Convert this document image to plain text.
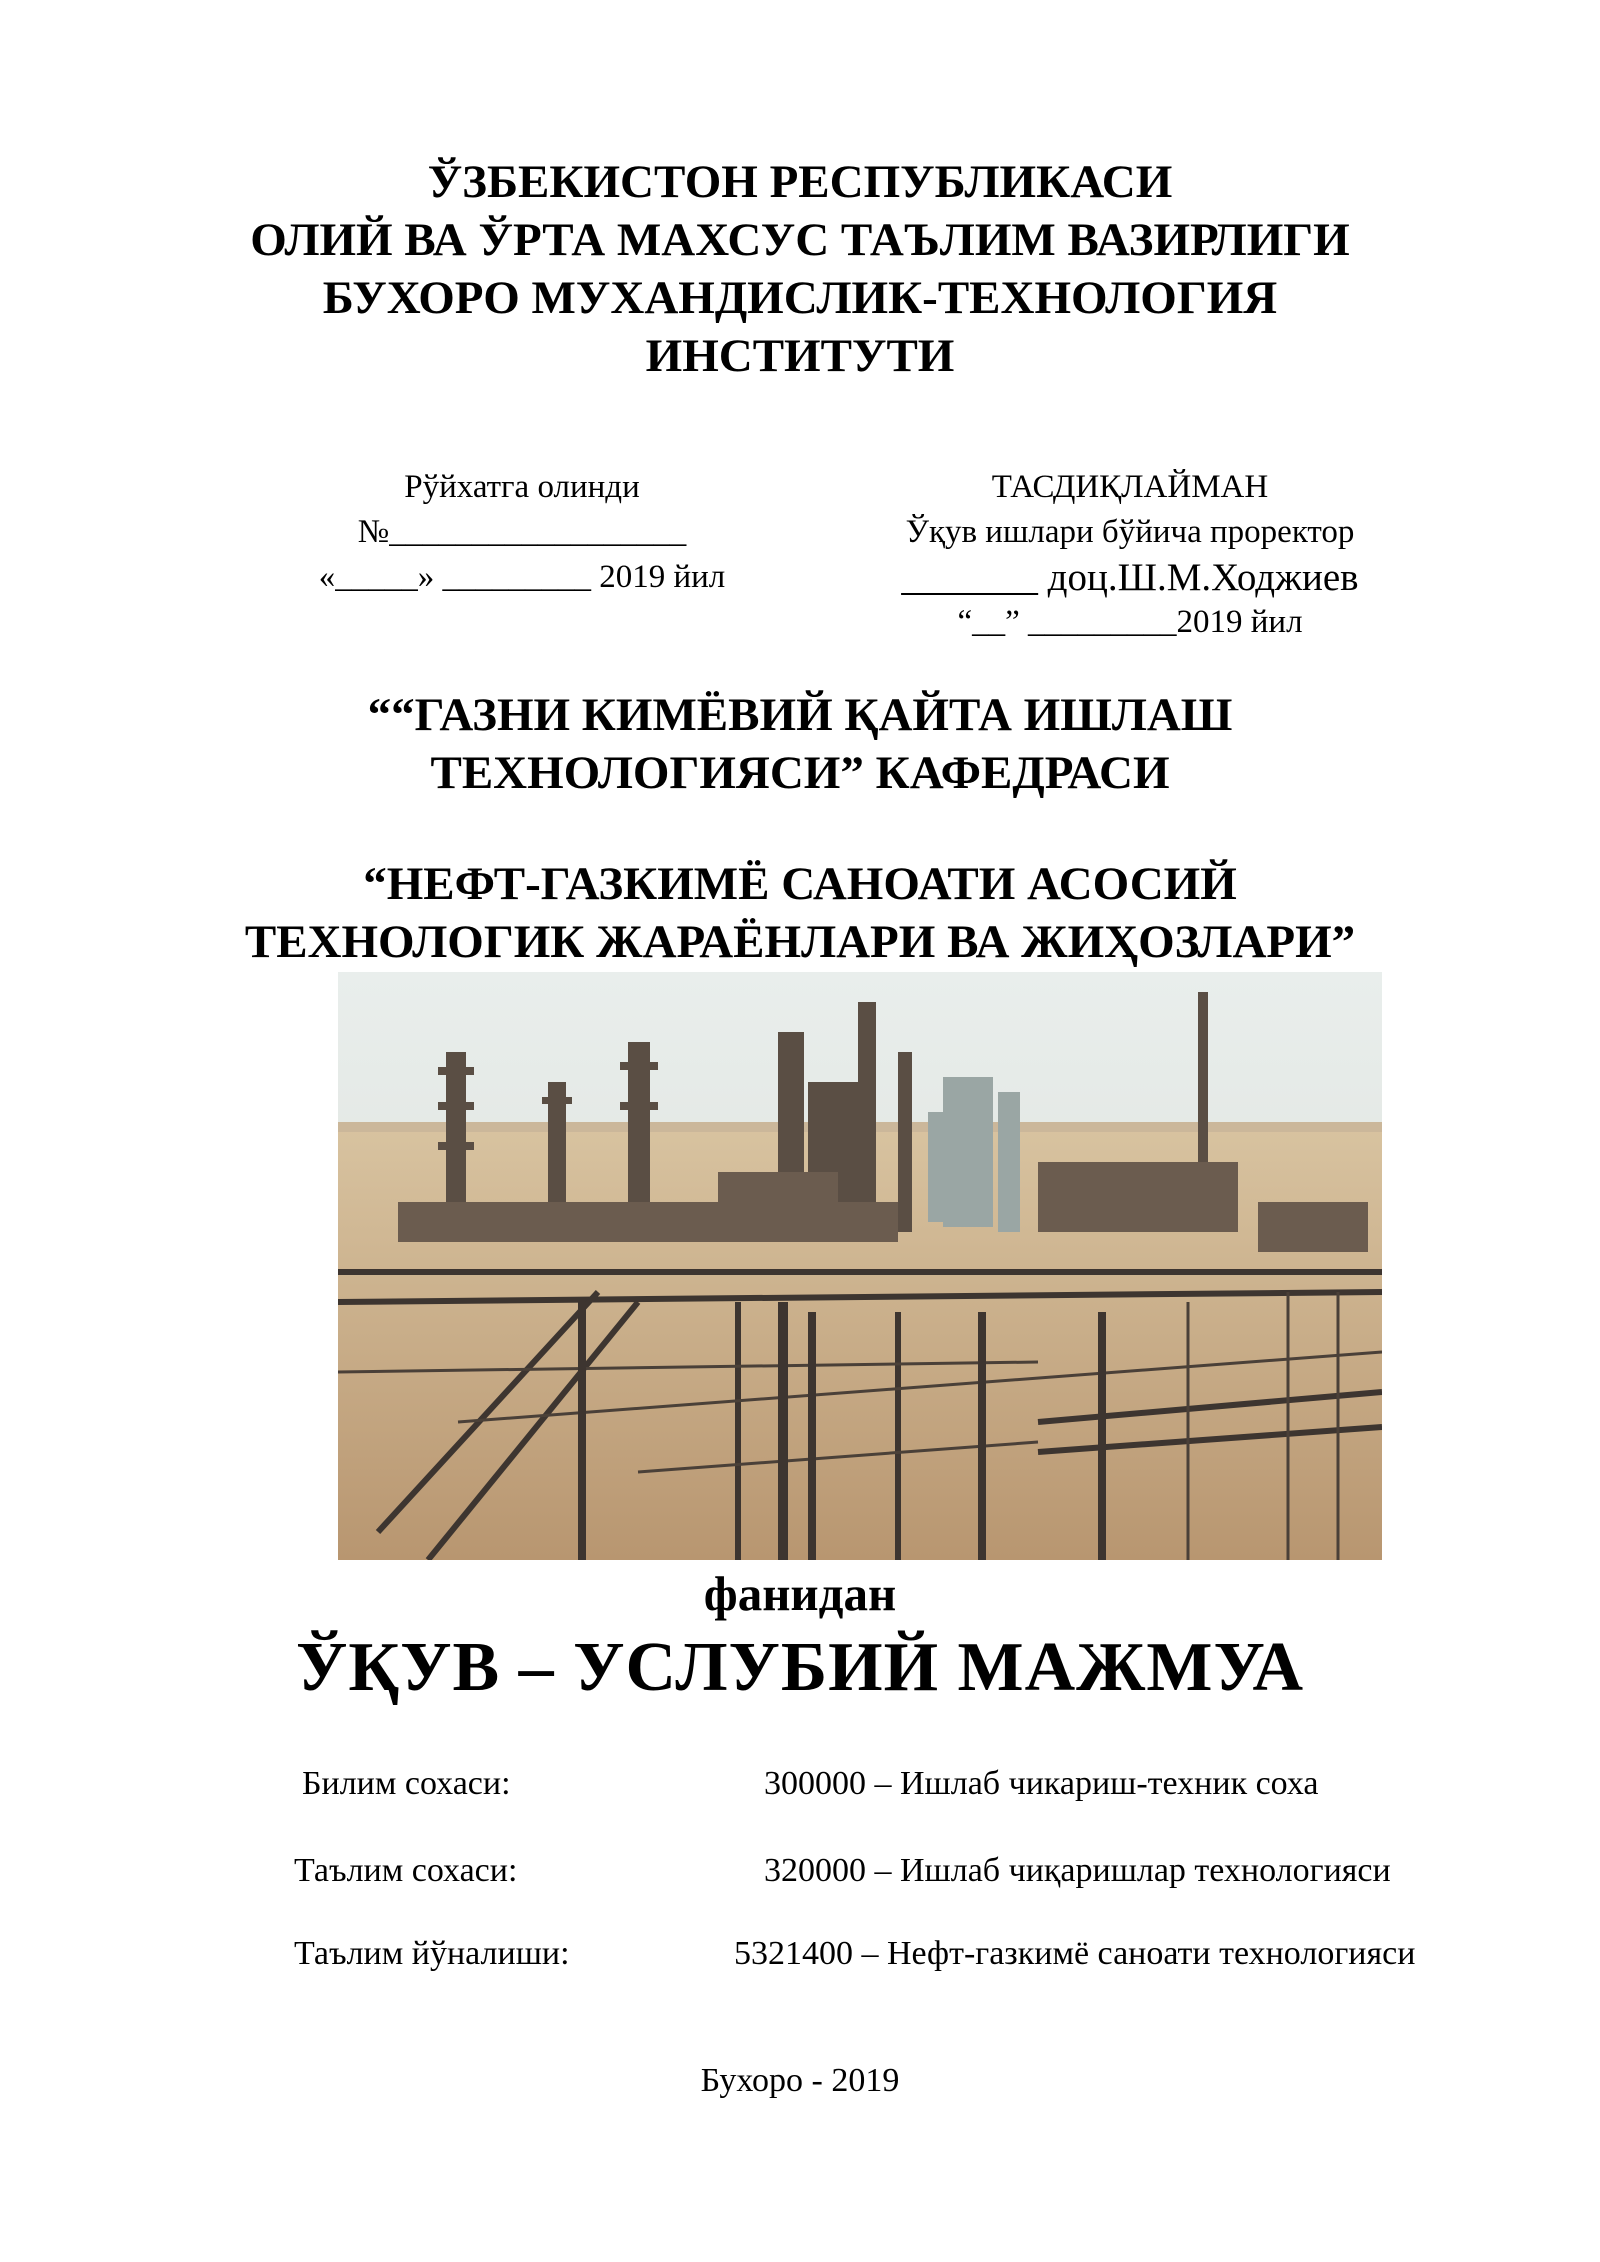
ЎЗБЕКИСТОН РЕСПУБЛИКАСИ
ОЛИЙ ВА ЎРТА МАХСУС ТАЪЛИМ ВАЗИРЛИГИ
БУХОРО МУХАНДИСЛИК-ТЕХНОЛОГИЯ
ИНСТИТУТИ
Рўйхатга олинди
№__________________
«_____» _________ 2019 йил
ТАСДИҚЛАЙМАН
Ўқув ишлари бўйича проректор
_______ доц.Ш.М.Ходжиев
“__” _________2019 йил
““ГАЗНИ КИМЁВИЙ ҚАЙТА ИШЛАШ
ТЕХНОЛОГИЯСИ” КАФЕДРАСИ
“НЕФТ-ГАЗКИМЁ САНОАТИ АСОСИЙ
ТЕХНОЛОГИК ЖАРАЁНЛАРИ ВА ЖИҲОЗЛАРИ”
фанидан
ЎҚУВ – УСЛУБИЙ МАЖМУА
Билим сохаси:	300000 – Ишлаб чикариш-техник соха
Таълим сохаси:	320000 – Ишлаб чиқаришлар технологияси
Таълим йўналиши:	5321400 – Нефт-газкимё саноати технологияси
Бухоро - 2019
